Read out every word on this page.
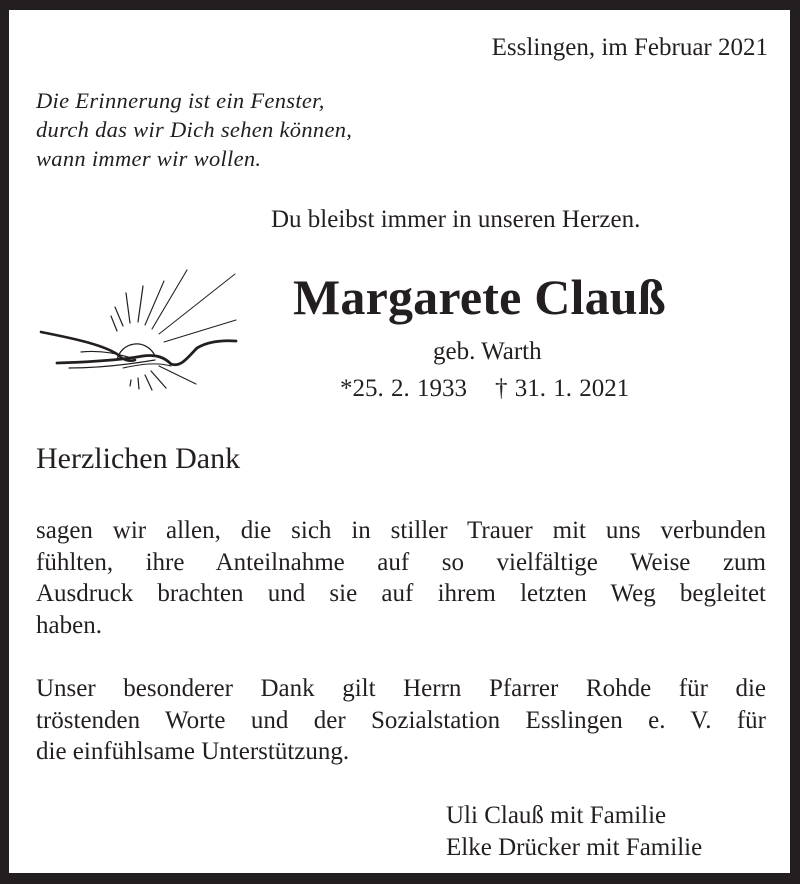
Esslingen, im Februar 2021
Die Erinnerung ist ein Fenster,
durch das wir Dich sehen können,
wann immer wir wollen.
Du bleibst immer in unseren Herzen.
Margarete Clauß
geb. Warth
*25. 2. 1933 † 31. 1. 2021
Herzlichen Dank
sagen wir allen, die sich in stiller Trauer mit uns verbunden
fühlten, ihre Anteilnahme auf so vielfältige Weise zum
Ausdruck brachten und sie auf ihrem letzten Weg begleitet
haben.
Unser besonderer Dank gilt Herrn Pfarrer Rohde für die
tröstenden Worte und der Sozialstation Esslingen e. V. für
die einfühlsame Unterstützung.
Uli Clauß mit Familie
Elke Drücker mit Familie
